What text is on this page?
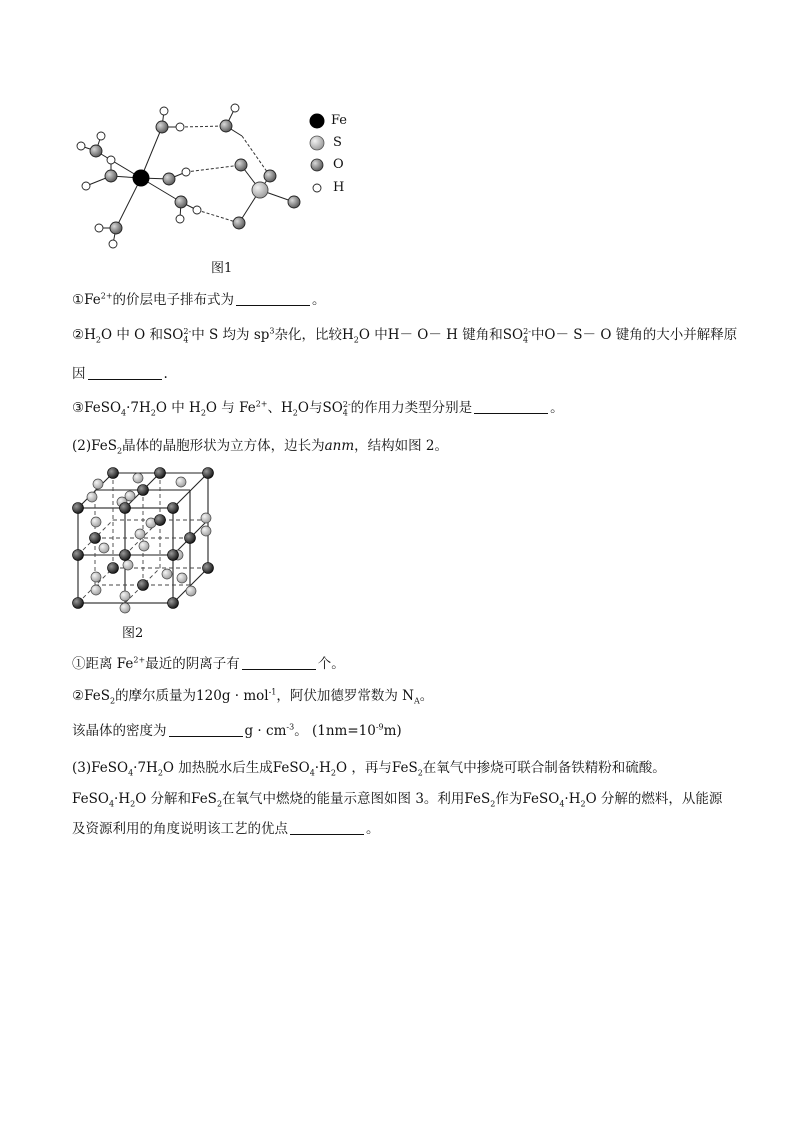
Fe
S
O
H
图1
$①Fe^{2+}$的价层电子排布式为	。
$②H_2O$ 中 O 和$SO_4^{2-}$中 S 均为 $sp^3$杂化，比较$H_2O$ 中H－ O－ H 键角和$SO_4^{2-}$中O－ S－ O 键角的大小并解释原
因	.
$③FeSO_4\cdot 7H_2O$ 中 $H_2O$ 与 $Fe^{2+}$、$H_2O$与$SO_4^{2-}$的作用力类型分别是	。
(2)FeS$_2$晶体的晶胞形状为立方体，边长为anm，结构如图 2。
图2
①距离 $Fe^{2+}$最近的阴离子有	个。
②FeS$_2$的摩尔质量为120g · mol$^{-1}$，阿伏加德罗常数为 $N_A$。
该晶体的密度为	$g \cdot cm^{-3}$。 $(1nm=10^{-9}m)$
$(3)FeSO_4\cdot 7H_2O$ 加热脱水后生成$FeSO_4\cdot H_2O$ ，再与FeS$_2$在氧气中掺烧可联合制备铁精粉和硫酸。
$FeSO_4\cdot H_2O$ 分解和FeS$_2$在氧气中燃烧的能量示意图如图 3。利用FeS$_2$作为$FeSO_4\cdot H_2O$ 分解的燃料，从能源
及资源利用的角度说明该工艺的优点	。
